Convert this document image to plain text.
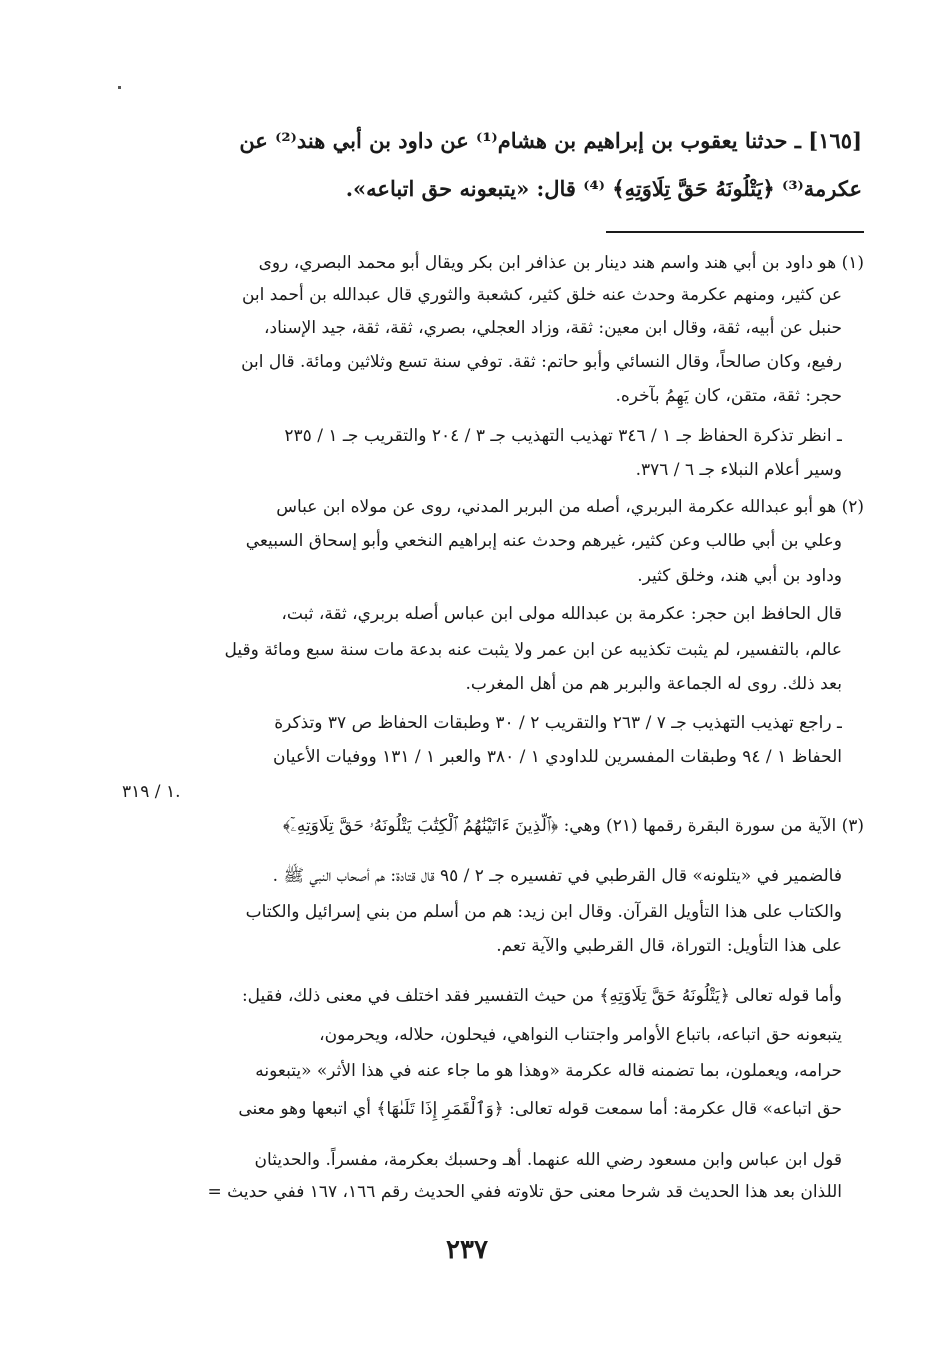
[١٦٥] ـ حدثنا يعقوب بن إبراهيم بن هشام⁽¹⁾ عن داود بن أبي هند⁽²⁾ عن
عكرمة⁽³⁾ ﴿يَتْلُونَهُ حَقَّ تِلَاوَتِهِ﴾ ⁽⁴⁾ قال: «يتبعونه حق اتباعه».
(١) هو داود بن أبي هند واسم هند دينار بن عذافر ابن بكر ويقال أبو محمد البصري، روى
عن كثير، ومنهم عكرمة وحدث عنه خلق كثير، كشعبة والثوري قال عبدالله بن أحمد ابن
حنبل عن أبيه، ثقة، وقال ابن معين: ثقة، وزاد العجلي، بصري، ثقة، ثقة، جيد الإسناد،
رفيع، وكان صالحاً، وقال النسائي وأبو حاتم: ثقة. توفي سنة تسع وثلاثين ومائة. قال ابن
حجر: ثقة، متقن، كان يَهِمُ بآخره.
ـ انظر تذكرة الحفاظ جـ ١ / ٣٤٦ تهذيب التهذيب جـ ٣ / ٢٠٤ والتقريب جـ ١ / ٢٣٥
وسير أعلام النبلاء جـ ٦ / ٣٧٦.
(٢) هو أبو عبدالله عكرمة البربري، أصله من البربر المدني، روى عن مولاه ابن عباس
وعلي بن أبي طالب وعن كثير، غيرهم وحدث عنه إبراهيم النخعي وأبو إسحاق السبيعي
وداود بن أبي هند، وخلق كثير.
قال الحافظ ابن حجر: عكرمة بن عبدالله مولى ابن عباس أصله بربري، ثقة، ثبت،
عالم، بالتفسير، لم يثبت تكذيبه عن ابن عمر ولا يثبت عنه بدعة مات سنة سبع ومائة وقيل
بعد ذلك. روى له الجماعة والبربر هم من أهل المغرب.
ـ راجع تهذيب التهذيب جـ ٧ / ٢٦٣ والتقريب ٢ / ٣٠ وطبقات الحفاظ ص ٣٧ وتذكرة
الحفاظ ١ / ٩٤ وطبقات المفسرين للداودي ١ / ٣٨٠ والعبر ١ / ١٣١ ووفيات الأعيان
١ / ٣١٩.
(٣) الآية من سورة البقرة رقمها (٢١) وهي: ﴿ٱلَّذِينَ ءَاتَيْنَٰهُمُ ٱلْكِتَٰبَ يَتْلُونَهُۥ حَقَّ تِلَاوَتِهِۦٓ﴾
فالضمير في «يتلونه» قال القرطبي في تفسيره جـ ٢ / ٩٥ قال قتادة: هم أصحاب النبي ﷺ .
والكتاب على هذا التأويل القرآن. وقال ابن زيد: هم من أسلم من بني إسرائيل والكتاب
على هذا التأويل: التوراة، قال القرطبي والآية تعم.
وأما قوله تعالى ﴿يَتْلُونَهُ حَقَّ تِلَاوَتِهِ﴾ من حيث التفسير فقد اختلف في معنى ذلك، فقيل:
يتبعونه حق اتباعه، باتباع الأوامر واجتناب النواهي، فيحلون، حلاله، ويحرمون،
حرامه، ويعملون، بما تضمنه قاله عكرمة «وهذا هو ما جاء عنه في هذا الأثر» «يتبعونه
حق اتباعه» قال عكرمة: أما سمعت قوله تعالى: ﴿وَٱلْقَمَرِ إِذَا تَلَىٰهَا﴾ أي اتبعها وهو معنى
قول ابن عباس وابن مسعود رضي الله عنهما. أهـ وحسبك بعكرمة، مفسراً. والحديثان
اللذان بعد هذا الحديث قد شرحا معنى حق تلاوته ففي الحديث رقم ١٦٦، ١٦٧ ففي حديث =
٢٣٧
